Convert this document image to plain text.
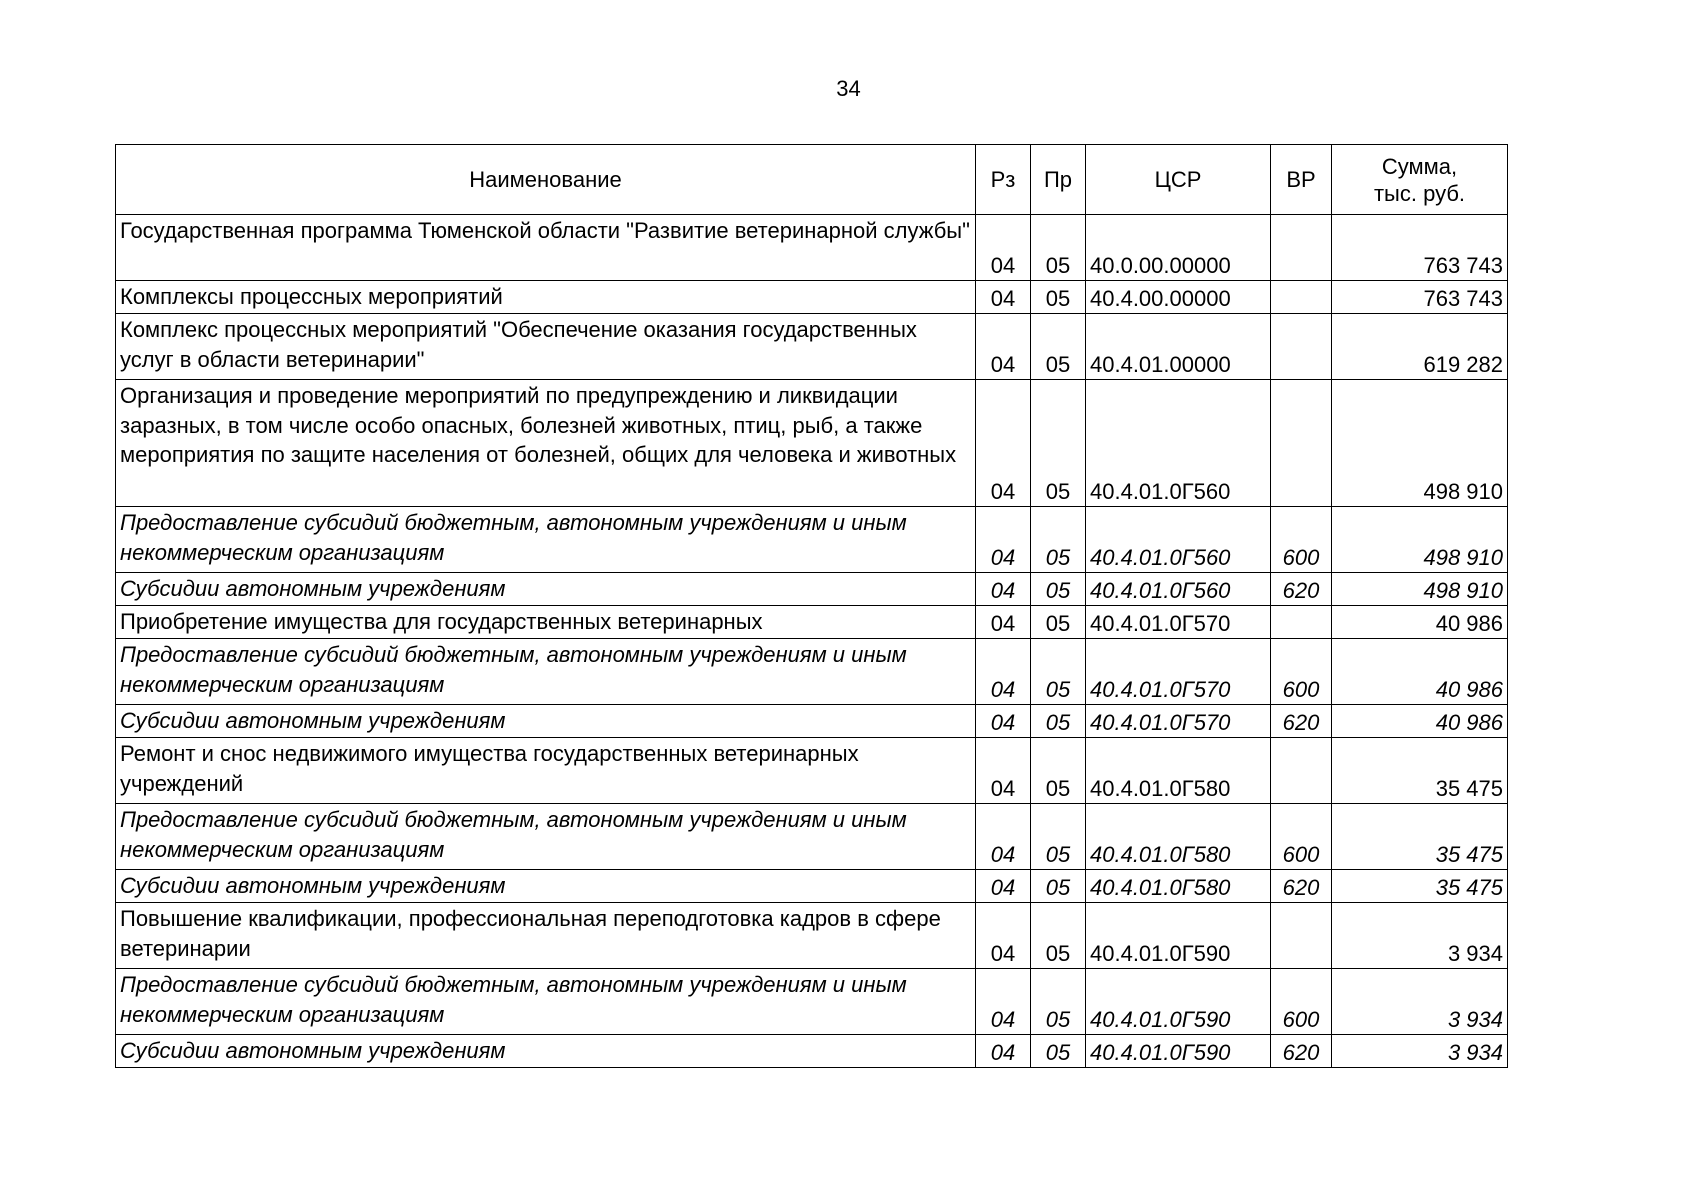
34
Наименование	Рз	Пр	ЦСР	ВР	Сумма,
тыс. руб.
Государственная программа Тюменской области "Развитие ветеринарной службы"	04	05	40.0.00.00000		763 743
Комплексы процессных мероприятий	04	05	40.4.00.00000		763 743
Комплекс процессных мероприятий "Обеспечение оказания государственных услуг в области ветеринарии"	04	05	40.4.01.00000		619 282
Организация и проведение мероприятий по предупреждению и ликвидации заразных, в том числе особо опасных, болезней животных, птиц, рыб, а также мероприятия по защите населения от болезней, общих для человека и животных	04	05	40.4.01.0Г560		498 910
Предоставление субсидий бюджетным, автономным учреждениям и иным некоммерческим организациям	04	05	40.4.01.0Г560	600	498 910
Субсидии автономным учреждениям	04	05	40.4.01.0Г560	620	498 910
Приобретение имущества для государственных ветеринарных	04	05	40.4.01.0Г570		40 986
Предоставление субсидий бюджетным, автономным учреждениям и иным некоммерческим организациям	04	05	40.4.01.0Г570	600	40 986
Субсидии автономным учреждениям	04	05	40.4.01.0Г570	620	40 986
Ремонт и снос недвижимого имущества государственных ветеринарных учреждений	04	05	40.4.01.0Г580		35 475
Предоставление субсидий бюджетным, автономным учреждениям и иным некоммерческим организациям	04	05	40.4.01.0Г580	600	35 475
Субсидии автономным учреждениям	04	05	40.4.01.0Г580	620	35 475
Повышение квалификации, профессиональная переподготовка кадров в сфере ветеринарии	04	05	40.4.01.0Г590		3 934
Предоставление субсидий бюджетным, автономным учреждениям и иным некоммерческим организациям	04	05	40.4.01.0Г590	600	3 934
Субсидии автономным учреждениям	04	05	40.4.01.0Г590	620	3 934
